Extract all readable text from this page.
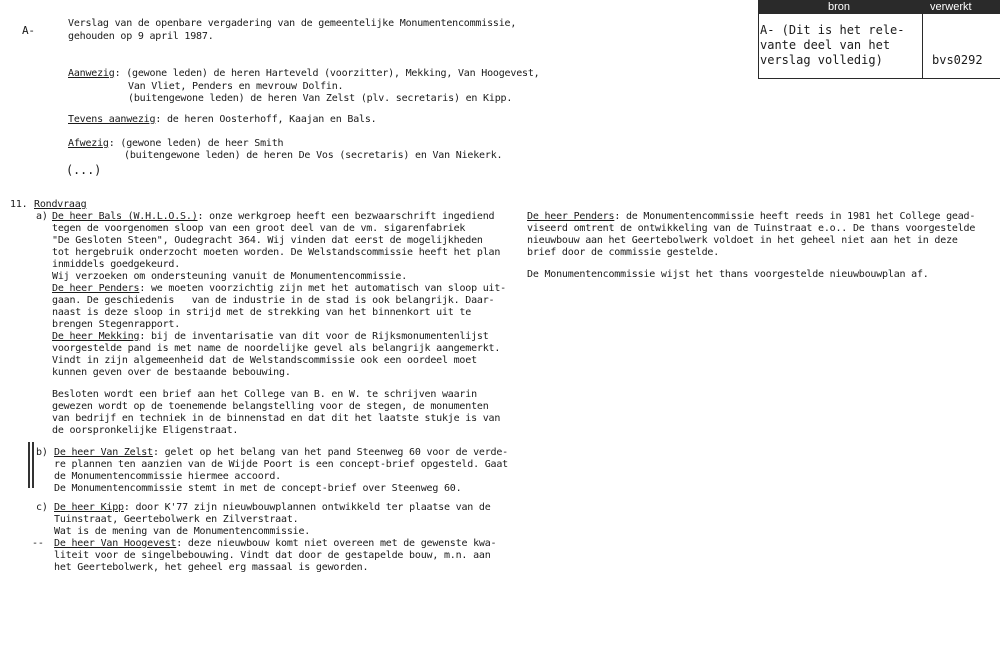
bron	verwerkt
A- (Dit is het rele-
vante deel van het
verslag volledig)	bvs0292
A-
Verslag van de openbare vergadering van de gemeentelijke Monumentencommissie,
gehouden op 9 april 1987.
Aanwezig: (gewone leden) de heren Harteveld (voorzitter), Mekking, Van Hoogevest,
Van Vliet, Penders en mevrouw Dolfin.
(buitengewone leden) de heren Van Zelst (plv. secretaris) en Kipp.
Tevens aanwezig: de heren Oosterhoff, Kaajan en Bals.
Afwezig: (gewone leden) de heer Smith
(buitengewone leden) de heren De Vos (secretaris) en Van Niekerk.
(...)
11. Rondvraag
a) De heer Bals (W.H.L.O.S.): onze werkgroep heeft een bezwaarschrift ingediend
tegen de voorgenomen sloop van een groot deel van de vm. sigarenfabriek
"De Gesloten Steen", Oudegracht 364. Wij vinden dat eerst de mogelijkheden
tot hergebruik onderzocht moeten worden. De Welstandscommissie heeft het plan
inmiddels goedgekeurd.
Wij verzoeken om ondersteuning vanuit de Monumentencommissie.
De heer Penders: we moeten voorzichtig zijn met het automatisch van sloop uit-
gaan. De geschiedenis   van de industrie in de stad is ook belangrijk. Daar-
naast is deze sloop in strijd met de strekking van het binnenkort uit te
brengen Stegenrapport.
De heer Mekking: bij de inventarisatie van dit voor de Rijksmonumentenlijst
voorgestelde pand is met name de noordelijke gevel als belangrijk aangemerkt.
Vindt in zijn algemeenheid dat de Welstandscommissie ook een oordeel moet
kunnen geven over de bestaande bebouwing.
Besloten wordt een brief aan het College van B. en W. te schrijven waarin
gewezen wordt op de toenemende belangstelling voor de stegen, de monumenten
van bedrijf en techniek in de binnenstad en dat dit het laatste stukje is van
de oorspronkelijke Eligenstraat.
b) De heer Van Zelst: gelet op het belang van het pand Steenweg 60 voor de verde-
re plannen ten aanzien van de Wijde Poort is een concept-brief opgesteld. Gaat
de Monumentencommissie hiermee accoord.
De Monumentencommissie stemt in met de concept-brief over Steenweg 60.
c) De heer Kipp: door K'77 zijn nieuwbouwplannen ontwikkeld ter plaatse van de
Tuinstraat, Geertebolwerk en Zilverstraat.
Wat is de mening van de Monumentencommissie.
-- De heer Van Hoogevest: deze nieuwbouw komt niet overeen met de gewenste kwa-
liteit voor de singelbebouwing. Vindt dat door de gestapelde bouw, m.n. aan
het Geertebolwerk, het geheel erg massaal is geworden.
De heer Penders: de Monumentencommissie heeft reeds in 1981 het College gead-
viseerd omtrent de ontwikkeling van de Tuinstraat e.o.. De thans voorgestelde
nieuwbouw aan het Geertebolwerk voldoet in het geheel niet aan het in deze
brief door de commissie gestelde.
De Monumentencommissie wijst het thans voorgestelde nieuwbouwplan af.
